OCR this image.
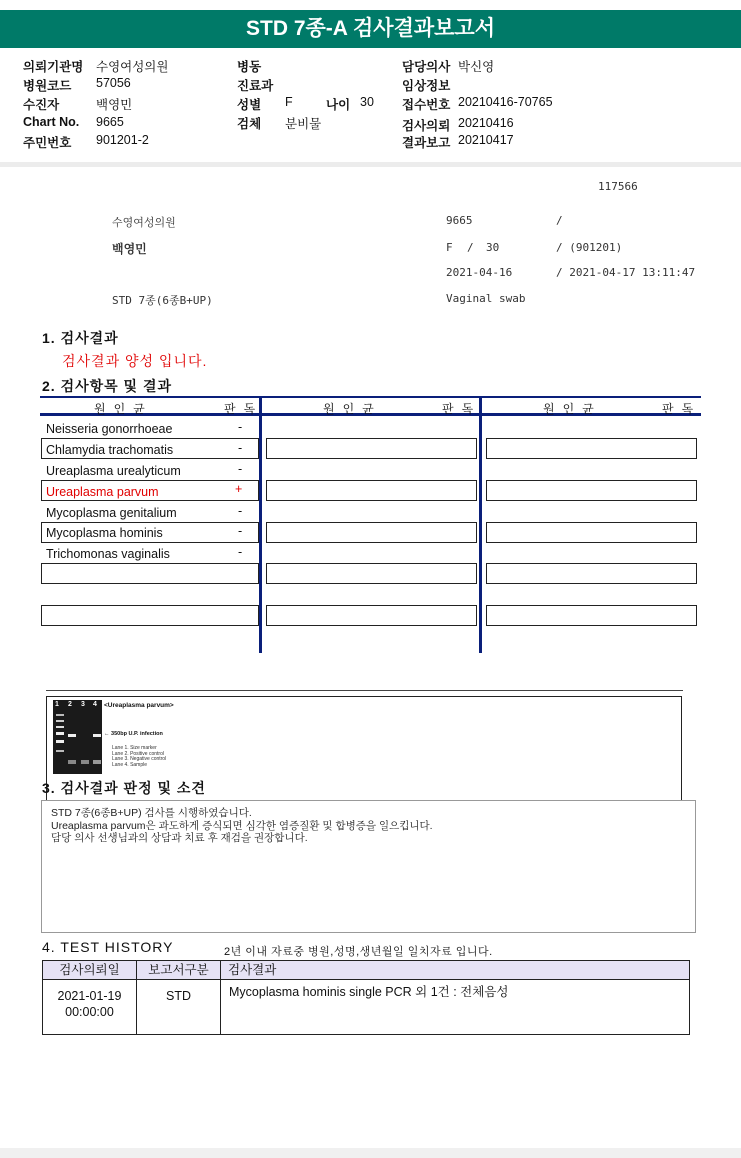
STD 7종-A 검사결과보고서
의뢰기관명 수영여성의원
병원코드 57056
수진자	백영민
Chart No. 9665
주민번호 901201-2
병동
진료과
성별 F	나이 30
검체 분비물
담당의사 박신영
임상정보
접수번호 20210416-70765
검사의뢰 20210416
결과보고 20210417
117566
수영여성의원
백영민
STD 7종(6종B+UP)
9665	/
F / 30	/ (901201)
2021-04-16	/ 2021-04-17 13:11:47
Vaginal swab
1. 검사결과
검사결과 양성 입니다.
2. 검사항목 및 결과
원인균	판독	원인균	판독	원인균	판독
Neisseria gonorrhoeae	-
Chlamydia trachomatis	-
Ureaplasma urealyticum	-
Ureaplasma parvum	+
Mycoplasma genitalium	-
Mycoplasma hominis	-
Trichomonas vaginalis	-
1 2 3 4 <Ureaplasma parvum>
← 350bp U.P. infection
Lane 1. Size marker
Lane 2. Positive control
Lane 3. Negative control
Lane 4. Sample
3. 검사결과 판정 및 소견
STD 7종(6종B+UP) 검사를 시행하였습니다.
Ureaplasma parvum은 과도하게 증식되면 심각한 염증질환 및 합병증을 일으킵니다.
담당 의사 선생님과의 상담과 치료 후 재검을 권장합니다.
4. TEST HISTORY	2년 이내 자료중 병원,성명,생년월일 일치자료 입니다.
검사의뢰일	보고서구분	검사결과
2021-01-19
00:00:00
STD	Mycoplasma hominis single PCR 외 1건 : 전체음성
